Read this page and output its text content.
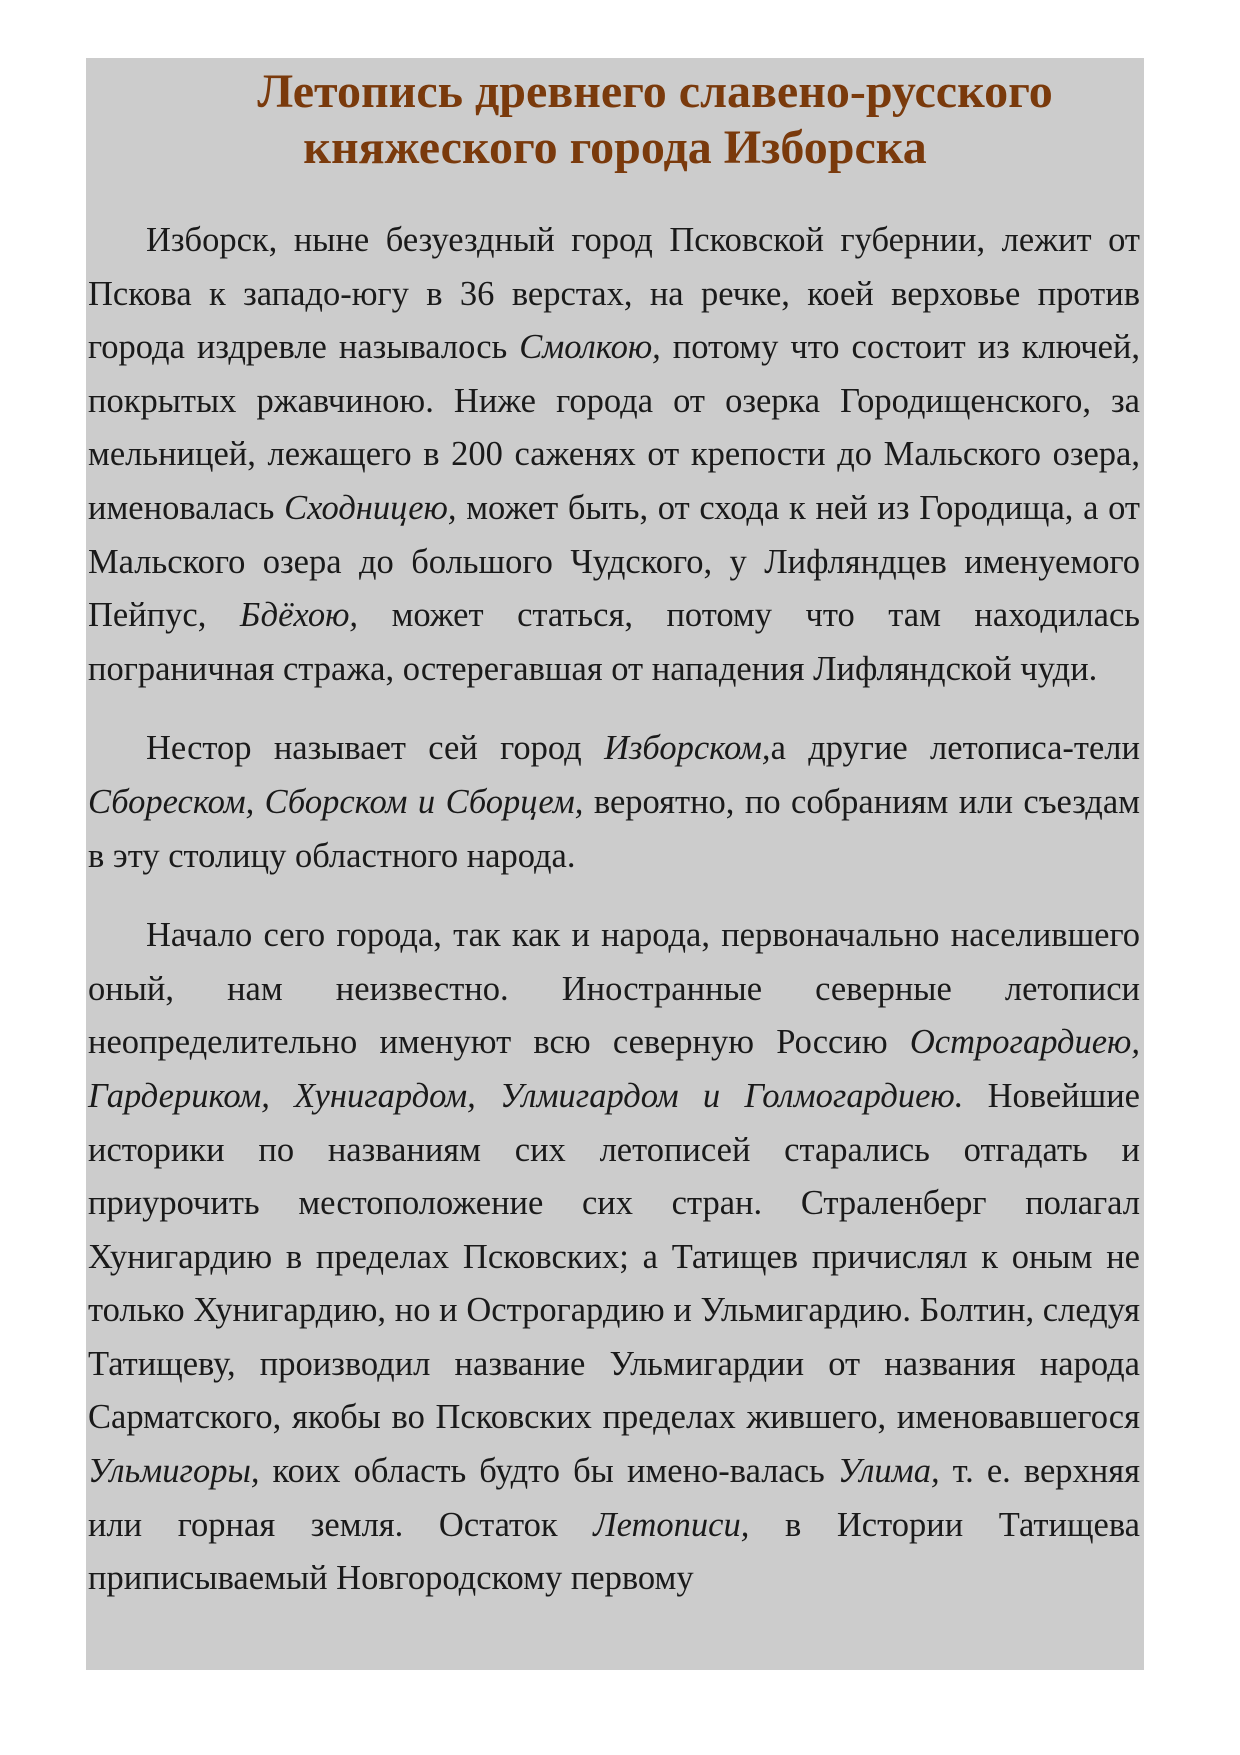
Летопись древнего славено-русского
княжеского города Изборска

Изборск, ныне безуездный город Псковской губернии, лежит от Пскова к западо-югу в 36 верстах, на речке, коей верховье против города издревле называлось Смолкою, потому что состоит из ключей, покрытых ржавчиною. Ниже города от озерка Городищенского, за мельницей, лежащего в 200 саженях от крепости до Мальского озера, именовалась Сходницею, может быть, от схода к ней из Городища, а от Мальского озера до большого Чудского, у Лифляндцев именуемого Пейпус, Бдёхою, может статься, потому что там находилась пограничная стража, остерегавшая от нападения Лифляндской чуди.

Нестор называет сей город Изборском,а другие летописа-тели Сбореском, Сборском и Сборцем, вероятно, по собраниям или съездам в эту столицу областного народа.

Начало сего города, так как и народа, первоначально населившего оный, нам неизвестно. Иностранные северные летописи неопределительно именуют всю северную Россию Острогардиею, Гардериком, Хунигардом, Улмигардом и Голмогардиею. Новейшие историки по названиям сих летописей старались отгадать и приурочить местоположение сих стран. Страленберг полагал Хунигардию в пределах Псковских; а Татищев причислял к оным не только Хунигардию, но и Острогардию и Ульмигардию. Болтин, следуя Татищеву, производил название Ульмигардии от названия народа Сарматского, якобы во Псковских пределах жившего, именовавшегося Ульмигоры, коих область будто бы имено-валась Улима, т. е. верхняя или горная земля. Остаток Летописи, в Истории Татищева приписываемый Новгородскому первому
